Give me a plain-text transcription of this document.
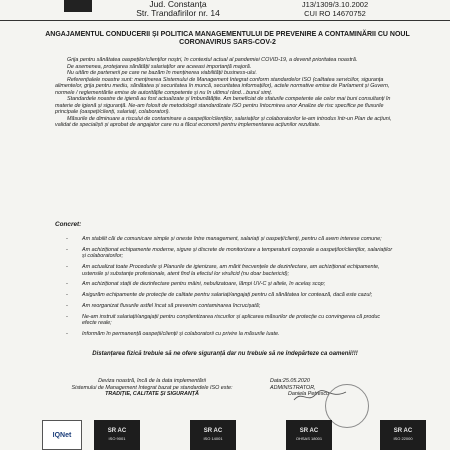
Jud. Constanța
Str. Trandafirilor nr. 14
J13/1309/3.10.2002
CUI RO 14670752
ANGAJAMENTUL CONDUCERII ȘI POLITICA MANAGEMENTULUI DE PREVENIRE A CONTAMINĂRII CU NOUL CORONAVIRUS SARS-COV-2

Grija pentru sănătatea oaspeților/clienților noștri, în contextul actual al pandemiei COVID-19, a devenit prioritatea noastră.

De asemenea, protejarea sănătății salariaților are aceeasi importanță majoră.

Nu uităm de partenerii pe care ne bazăm în menținerea viabilității business-ului.

Referențialele noastre sunt: menținerea Sistemului de Management Integrat conform standardelor ISO (calitatea serviciilor, siguranța alimentelor, grija pentru mediu, sănătatea și securitatea în muncă, securitatea informațiilor), actele normative emise de Parlament și Guvern, normele / reglementările emise de autoritățile competente și nu în ultimul rând…bunul simț.

Standardele noastre de igienă au fost actualizate și îmbunătățite. Am beneficiat de sfaturile competente ale celor mai buni consultanți în materie de igienă și siguranță. Ne-am folosit de metodologii standardizate ISO pentru întocmirea unor Analize de risc specifice pe fluxurile principale (oaspeți/clienți, salariați, colaboratori).

Măsurile de diminuare a riscului de contaminare a oaspeților/clienților, salariaților și colaboratorilor le-am introdus într-un Plan de acțiuni, validat de specialiști și aprobat de angajator care nu a făcut economii pentru implementarea acțiunilor rezultate.

Concret:
- Am stabilit căi de comunicare simple și oneste între management, salariați și oaspeți/clienți, pentru că avem interese comune;
- Am achiziționat echipamente moderne, sigure și discrete de monitorizare a temperaturii corporale a oaspeților/clienților, salariaților și colaboratorilor;
- Am actualizat toate Procedurile și Planurile de igienizare, am mărit frecvențele de dezinfectare, am achiziționat echipamente, ustensile și substanțe profesionale, atent find la efectul lor virulicid (nu doar bactericid);
- Am achiziționat stații de dezinfectare pentru mâini, nebulizatoare, lămpi UV-C și altele, în acelaș scop;
- Asigurăm echipamente de protecție de calitate pentru salariați/angajați pentru că sănătatea lor contează, dacă este cazul;
- Am reorganizat fluxurile astfel încat să prevenim contaminarea încrucișată;
- Ne-am instruit salariații/angajații pentru conștientizarea riscurilor și aplicarea măsurilor de protecție cu convingerea că produc efecte reale;
- Informăm în permanență oaspeții/clienții și colaboratorii cu privire la măsurile luate.
Distanțarea fizică trebuie să ne ofere siguranță dar nu trebuie să ne îndepărteze ca oamenii!!!
Deviza noastră, încă de la data implementării
Sistemului de Management Integrat bazat pe standardele ISO este:
TRADIȚIE, CALITATE ȘI SIGURANȚĂ
Data:25.05.2020
ADMINISTRATOR,
Daniela Petrescu
IQNet
SR AC
ISO 9001
SR AC
ISO 14001
SR AC
OHSAS 18001
SR AC
ISO 22000
